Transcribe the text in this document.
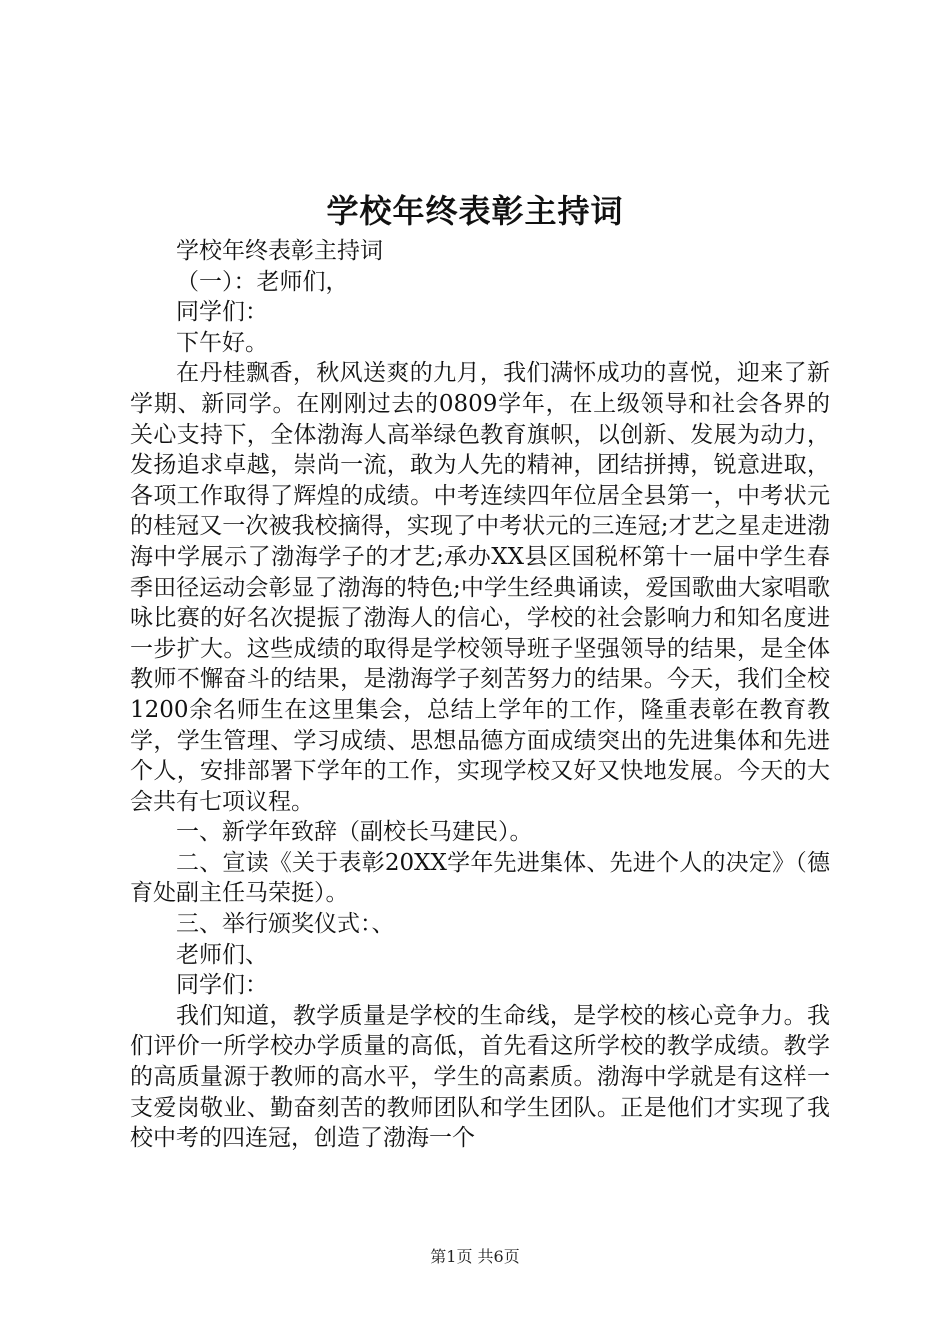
学校年终表彰主持词

学校年终表彰主持词

（一）：老师们，

同学们：

下午好。

在丹桂飘香，秋风送爽的九月，我们满怀成功的喜悦，迎来了新学期、新同学。在刚刚过去的0809学年，在上级领导和社会各界的关心支持下，全体渤海人高举绿色教育旗帜，以创新、发展为动力，发扬追求卓越，崇尚一流，敢为人先的精神，团结拼搏，锐意进取，各项工作取得了辉煌的成绩。中考连续四年位居全县第一，中考状元的桂冠又一次被我校摘得，实现了中考状元的三连冠;才艺之星走进渤海中学展示了渤海学子的才艺;承办XX县区国税杯第十一届中学生春季田径运动会彰显了渤海的特色;中学生经典诵读，爱国歌曲大家唱歌咏比赛的好名次提振了渤海人的信心，学校的社会影响力和知名度进一步扩大。这些成绩的取得是学校领导班子坚强领导的结果，是全体教师不懈奋斗的结果，是渤海学子刻苦努力的结果。今天，我们全校1200余名师生在这里集会，总结上学年的工作，隆重表彰在教育教学，学生管理、学习成绩、思想品德方面成绩突出的先进集体和先进个人，安排部署下学年的工作，实现学校又好又快地发展。今天的大会共有七项议程。

一、新学年致辞（副校长马建民）。

二、宣读《关于表彰20XX学年先进集体、先进个人的决定》（德育处副主任马荣挺）。

三、举行颁奖仪式：、

老师们、

同学们：

我们知道，教学质量是学校的生命线，是学校的核心竞争力。我们评价一所学校办学质量的高低，首先看这所学校的教学成绩。教学的高质量源于教师的高水平，学生的高素质。渤海中学就是有这样一支爱岗敬业、勤奋刻苦的教师团队和学生团队。正是他们才实现了我校中考的四连冠，创造了渤海一个

第1页 共6页
